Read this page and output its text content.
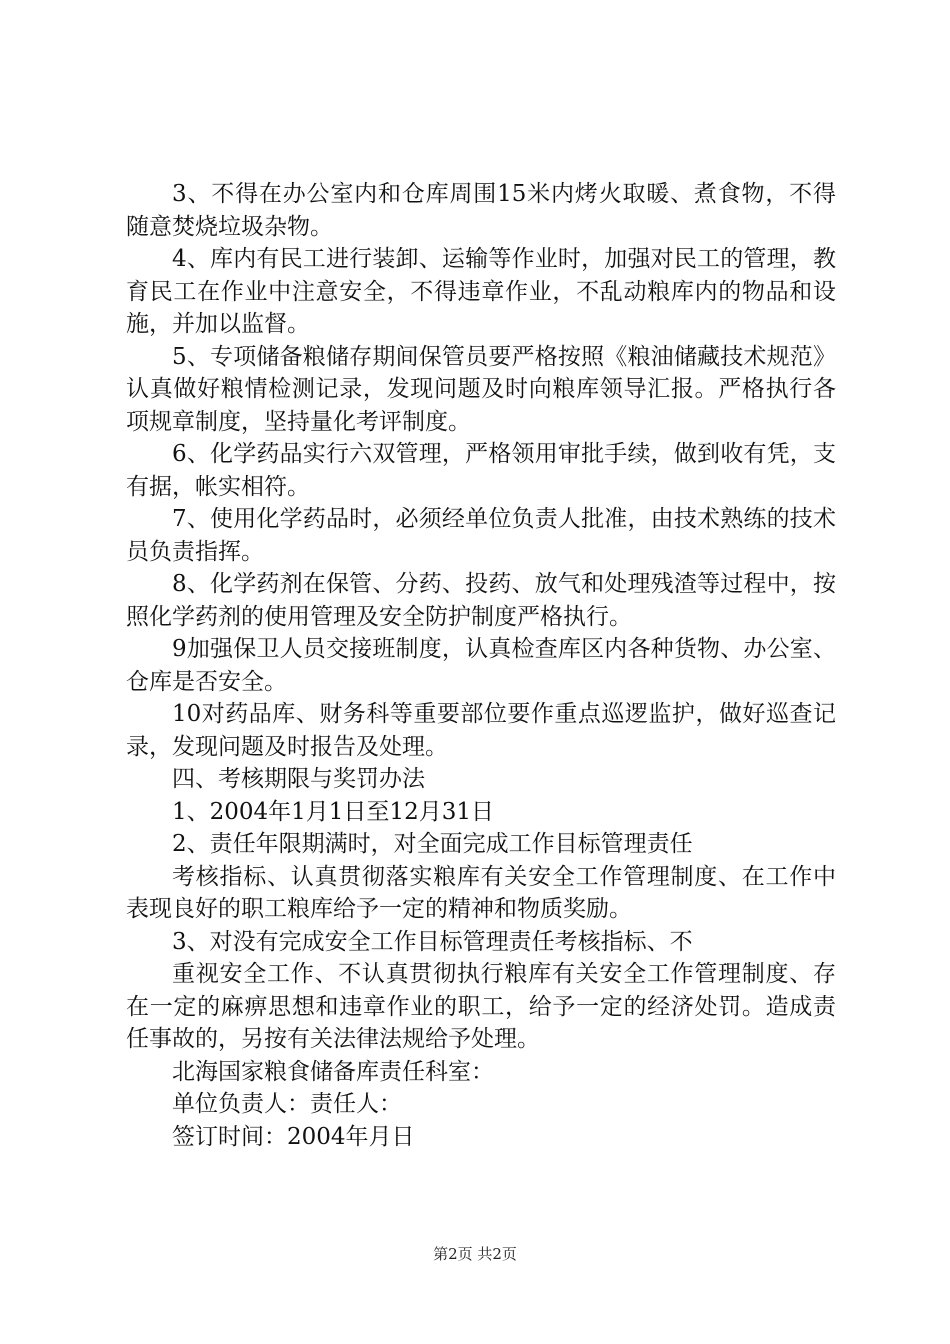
3、不得在办公室内和仓库周围15米内烤火取暖、煮食物，不得随意焚烧垃圾杂物。

4、库内有民工进行装卸、运输等作业时，加强对民工的管理，教育民工在作业中注意安全，不得违章作业，不乱动粮库内的物品和设施，并加以监督。

5、专项储备粮储存期间保管员要严格按照《粮油储藏技术规范》认真做好粮情检测记录，发现问题及时向粮库领导汇报。严格执行各项规章制度，坚持量化考评制度。

6、化学药品实行六双管理，严格领用审批手续，做到收有凭，支有据，帐实相符。

7、使用化学药品时，必须经单位负责人批准，由技术熟练的技术员负责指挥。

8、化学药剂在保管、分药、投药、放气和处理残渣等过程中，按照化学药剂的使用管理及安全防护制度严格执行。

9加强保卫人员交接班制度，认真检查库区内各种货物、办公室、仓库是否安全。

10对药品库、财务科等重要部位要作重点巡逻监护，做好巡查记录，发现问题及时报告及处理。

四、考核期限与奖罚办法

1、2004年1月1日至12月31日

2、责任年限期满时，对全面完成工作目标管理责任

考核指标、认真贯彻落实粮库有关安全工作管理制度、在工作中表现良好的职工粮库给予一定的精神和物质奖励。

3、对没有完成安全工作目标管理责任考核指标、不

重视安全工作、不认真贯彻执行粮库有关安全工作管理制度、存在一定的麻痹思想和违章作业的职工，给予一定的经济处罚。造成责任事故的，另按有关法律法规给予处理。

北海国家粮食储备库责任科室：

单位负责人：责任人：

签订时间：2004年月日

第2页 共2页
